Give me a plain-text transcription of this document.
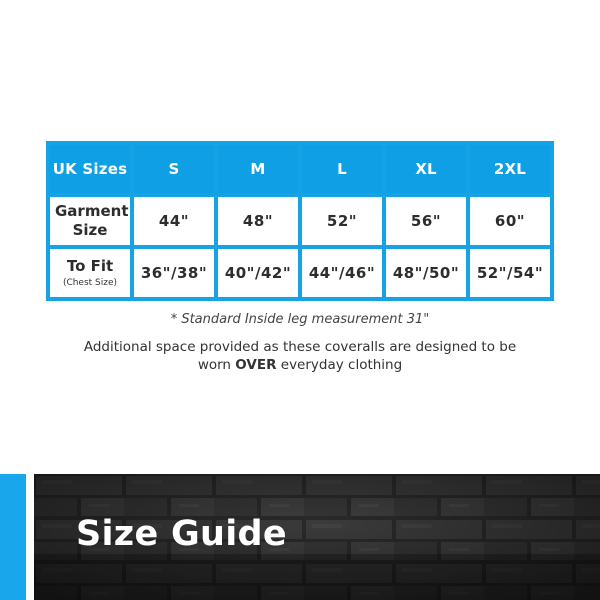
UK Sizes	S	M	L	XL	2XL

Garment Size	44"	48"	52"	56"	60"

To Fit
(Chest Size)	36"/38"	40"/42"	44"/46"	48"/50"	52"/54"
* Standard Inside leg measurement 31"
Additional space provided as these coveralls are designed to be
worn OVER everyday clothing
Size Guide
